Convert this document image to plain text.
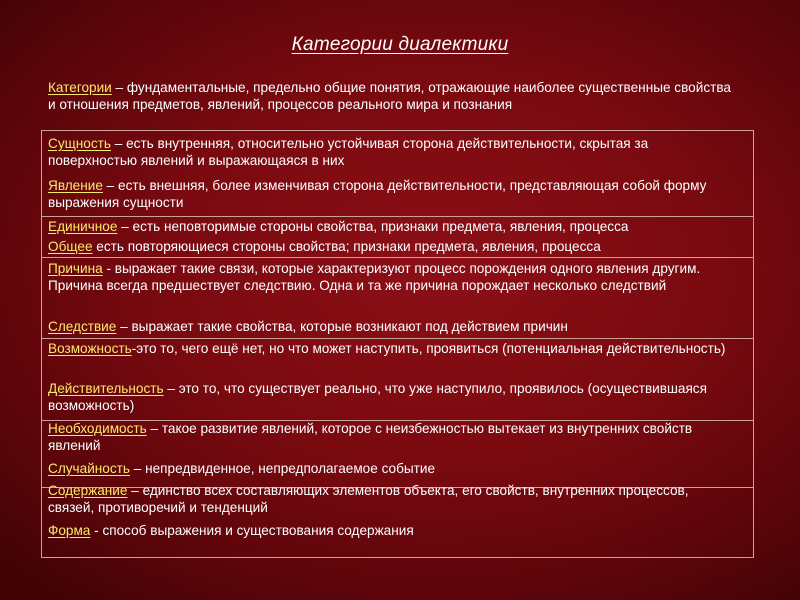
Категории диалектики
Категории – фундаментальные, предельно общие понятия, отражающие наиболее существенные свойства и отношения предметов, явлений, процессов реального мира и познания
Сущность – есть внутренняя, относительно устойчивая сторона действительности, скрытая за поверхностью явлений и выражающаяся в них
Явление – есть внешняя, более изменчивая сторона действительности, представляющая собой форму выражения сущности
Единичное – есть неповторимые стороны свойства, признаки предмета, явления, процесса
Общее есть повторяющиеся стороны свойства; признаки предмета, явления, процесса
Причина - выражает такие связи, которые характеризуют процесс порождения одного явления другим. Причина всегда предшествует следствию. Одна и та же причина порождает несколько следствий
Следствие – выражает такие свойства, которые возникают под действием причин
Возможность-это то, чего ещё нет, но что может наступить, проявиться (потенциальная действительность)
Действительность – это то, что существует реально, что уже наступило, проявилось (осуществившаяся возможность)
Необходимость – такое развитие явлений, которое с неизбежностью вытекает из внутренних свойств явлений
Случайность – непредвиденное, непредполагаемое событие
Содержание – единство всех составляющих элементов объекта, его свойств, внутренних процессов, связей, противоречий и тенденций
Форма - способ выражения и существования содержания
